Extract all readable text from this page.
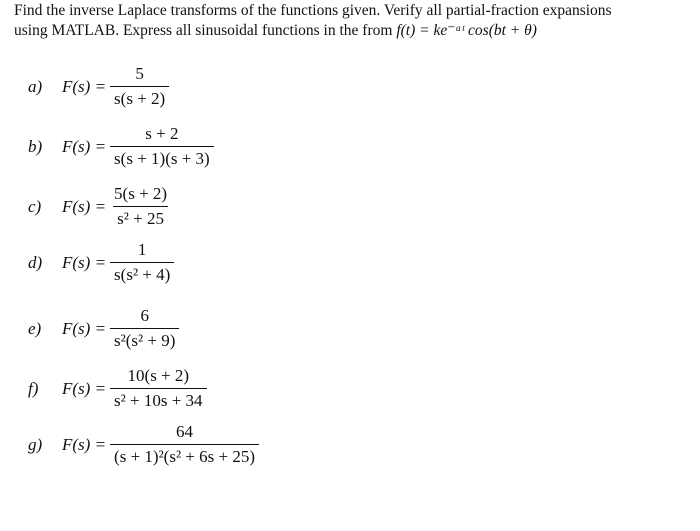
Find the inverse Laplace transforms of the functions given. Verify all partial-fraction expansions
using MATLAB. Express all sinusoidal functions in the from f(t) = ke⁻ᵃᵗ cos(bt + θ)
a)	$F(s) = \frac{5}{s(s + 2)}$
b)	$F(s) = \frac{s + 2}{s(s + 1)(s + 3)}$
c)	$F(s) = \frac{5(s + 2)}{\text{s² + 25}}$
d)	$F(s) = \frac{1}{\text{s(s² + 4)}}$
e)	$F(s) = \frac{6}{\text{s²(s² + 9)}}$
f)	$F(s) = \frac{10(s + 2)}{\text{s² + 10s + 34}}$
g)	$F(s) = \frac{64}{\text{(s + 1)²(s² + 6s + 25)}}$
